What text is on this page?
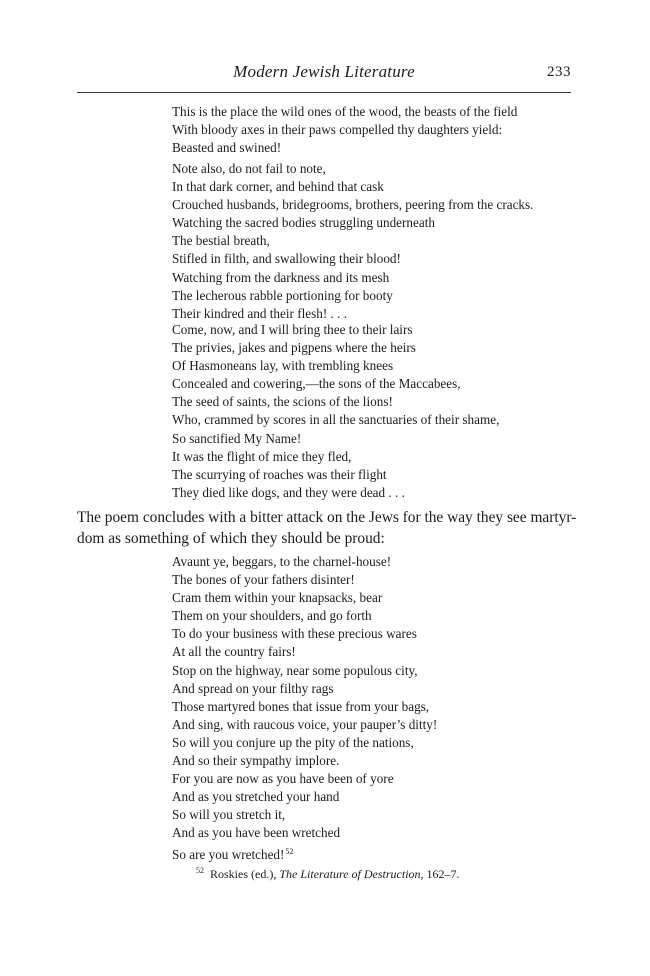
Modern Jewish Literature	233
This is the place the wild ones of the wood, the beasts of the field
With bloody axes in their paws compelled thy daughters yield:
Beasted and swined!
Note also, do not fail to note,
In that dark corner, and behind that cask
Crouched husbands, bridegrooms, brothers, peering from the cracks.
Watching the sacred bodies struggling underneath
The bestial breath,
Stifled in filth, and swallowing their blood!
Watching from the darkness and its mesh
The lecherous rabble portioning for booty
Their kindred and their flesh! . . .
Come, now, and I will bring thee to their lairs
The privies, jakes and pigpens where the heirs
Of Hasmoneans lay, with trembling knees
Concealed and cowering,—the sons of the Maccabees,
The seed of saints, the scions of the lions!
Who, crammed by scores in all the sanctuaries of their shame,
So sanctified My Name!
It was the flight of mice they fled,
The scurrying of roaches was their flight
They died like dogs, and they were dead . . .
The poem concludes with a bitter attack on the Jews for the way they see martyr-
dom as something of which they should be proud:
Avaunt ye, beggars, to the charnel-house!
The bones of your fathers disinter!
Cram them within your knapsacks, bear
Them on your shoulders, and go forth
To do your business with these precious wares
At all the country fairs!
Stop on the highway, near some populous city,
And spread on your filthy rags
Those martyred bones that issue from your bags,
And sing, with raucous voice, your pauper’s ditty!
So will you conjure up the pity of the nations,
And so their sympathy implore.
For you are now as you have been of yore
And as you stretched your hand
So will you stretch it,
And as you have been wretched
So are you wretched!$^{52}$
$^{52}$ Roskies (ed.), The Literature of Destruction, 162–7.
